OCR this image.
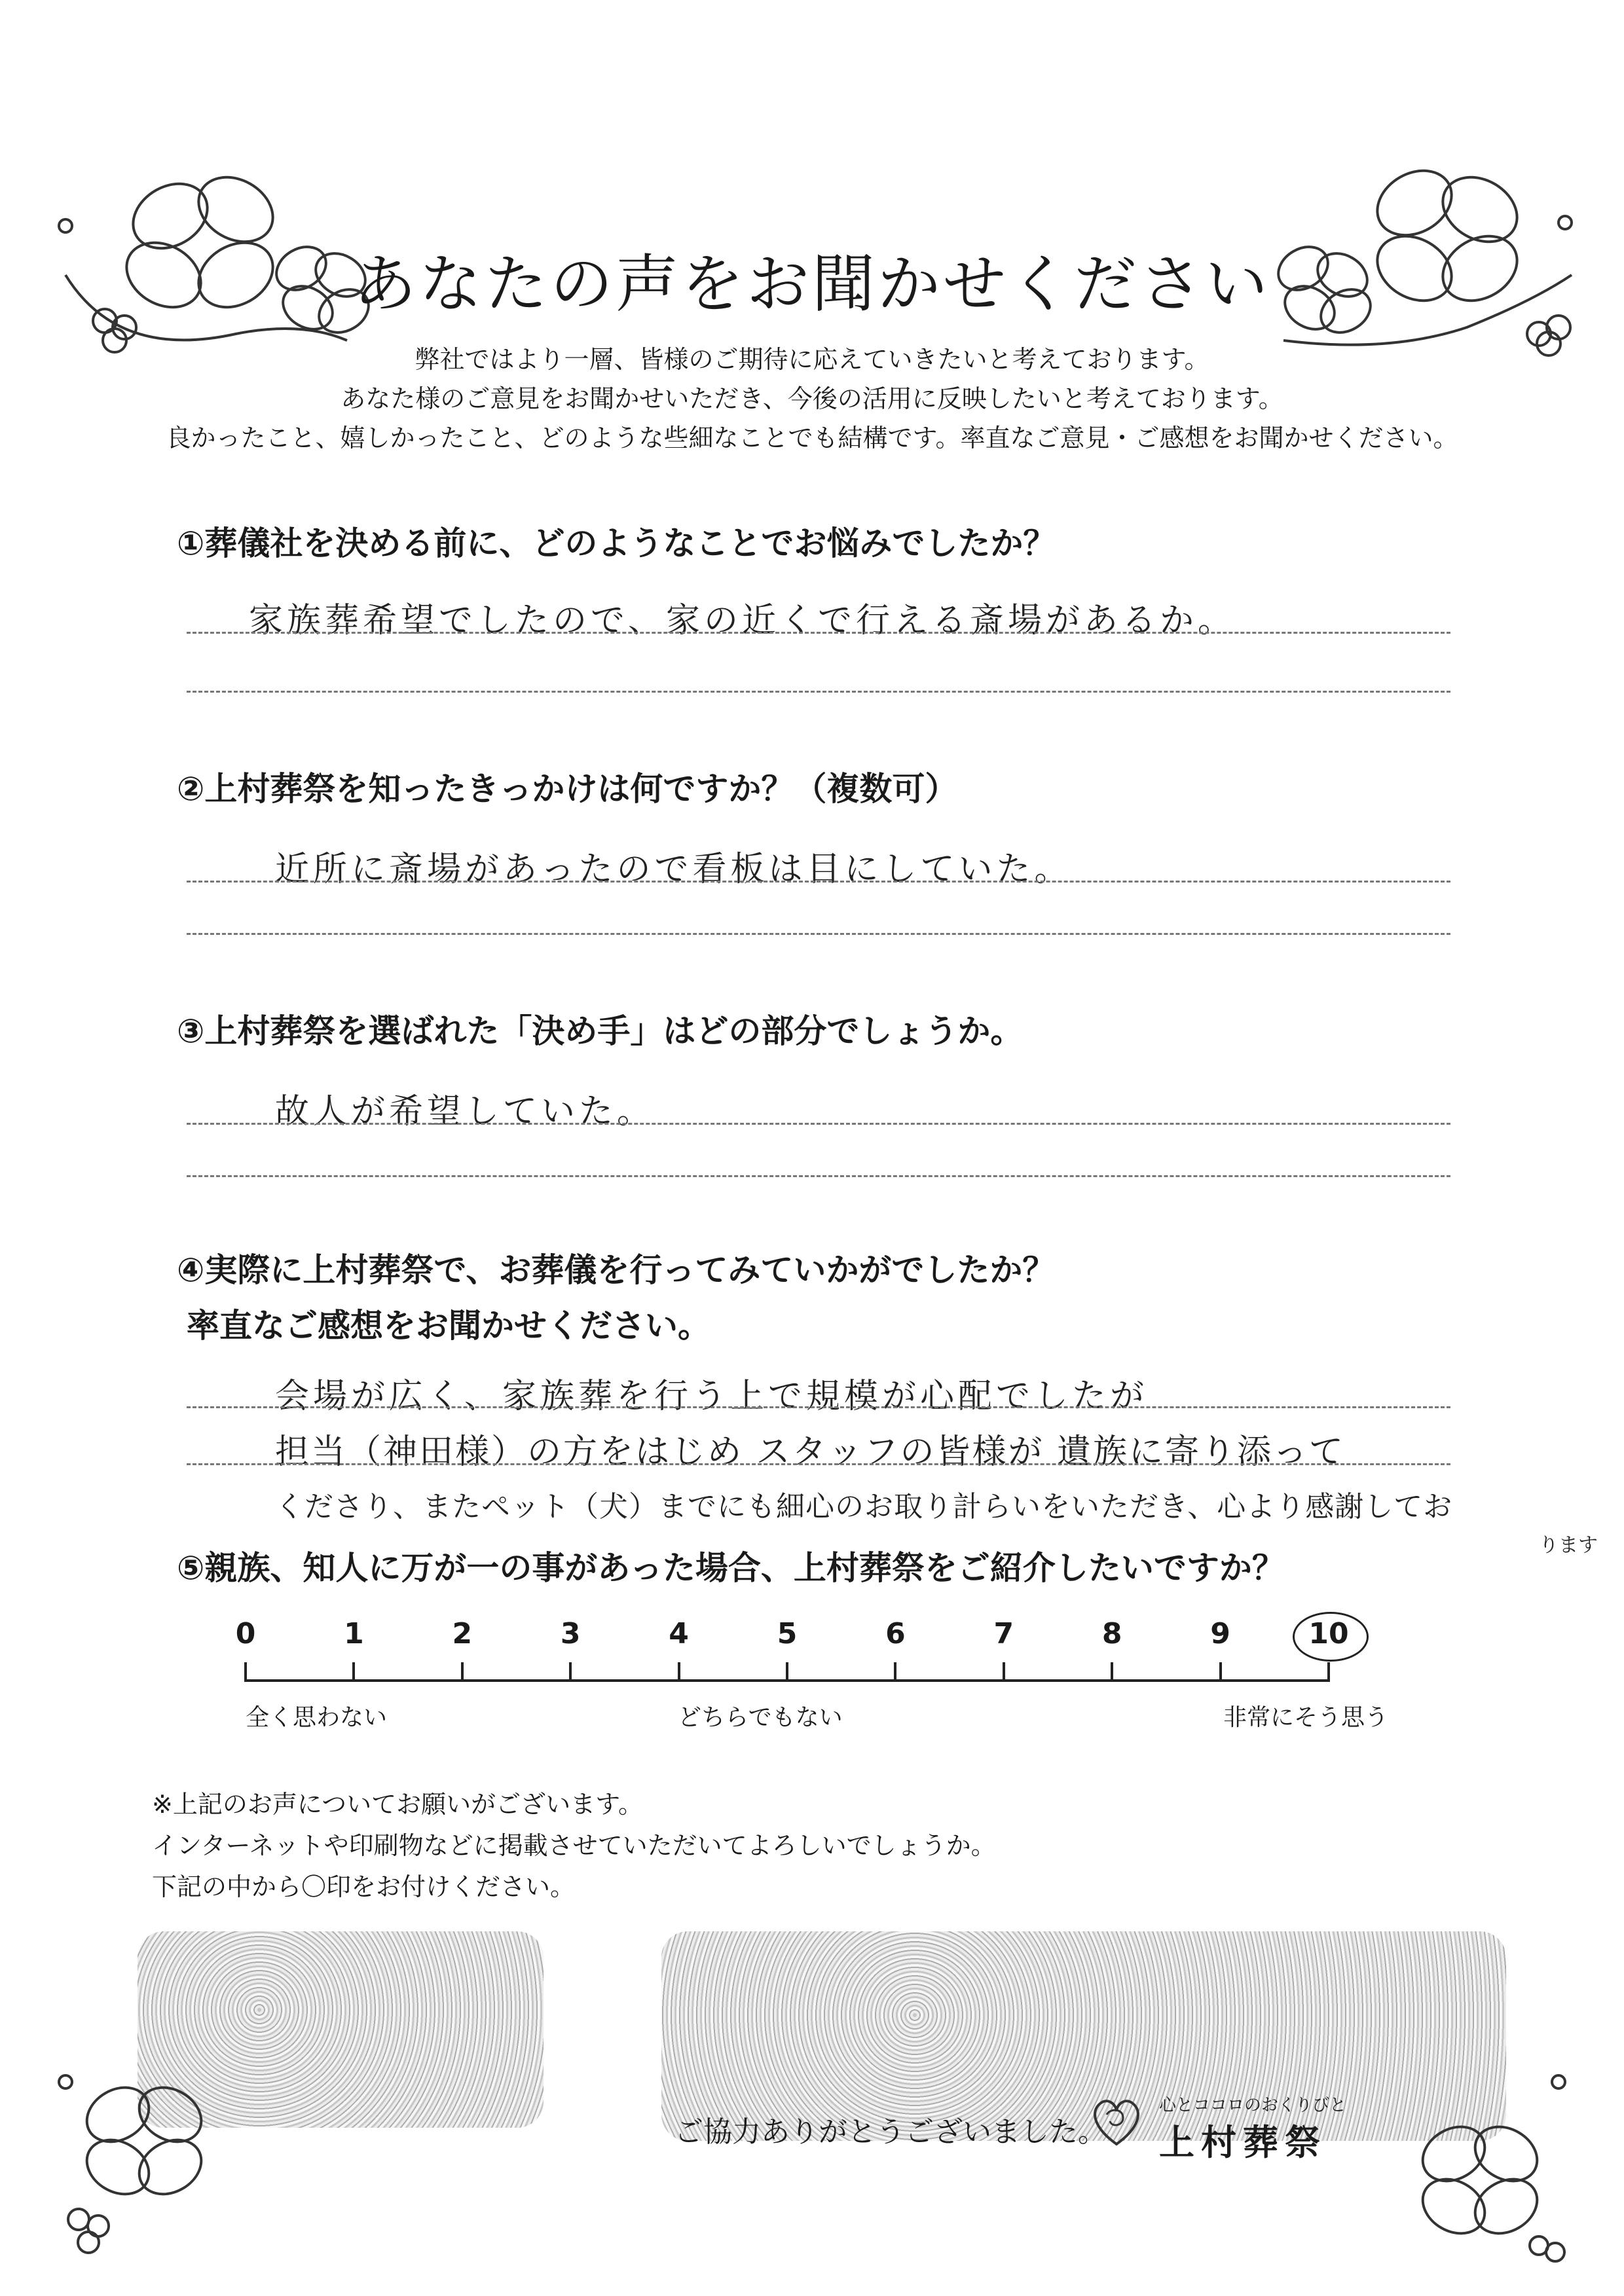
あなたの声をお聞かせください
弊社ではより一層、皆様のご期待に応えていきたいと考えております。
あなた様のご意見をお聞かせいただき、今後の活用に反映したいと考えております。
良かったこと、嬉しかったこと、どのような些細なことでも結構です。率直なご意見・ご感想をお聞かせください。
①葬儀社を決める前に、どのようなことでお悩みでしたか？
家族葬希望でしたので、家の近くで行える斎場があるか。
②上村葬祭を知ったきっかけは何ですか？（複数可）
近所に斎場があったので看板は目にしていた。
③上村葬祭を選ばれた「決め手」はどの部分でしょうか。
故人が希望していた。
④実際に上村葬祭で、お葬儀を行ってみていかがでしたか？
率直なご感想をお聞かせください。
会場が広く、家族葬を行う上で規模が心配でしたが
担当（神田様）の方をはじめ スタッフの皆様が 遺族に寄り添って
くださり、またペット（犬）までにも細心のお取り計らいをいただき、心より感謝してお
ります
⑤親族、知人に万が一の事があった場合、上村葬祭をご紹介したいですか？
0	1	2	3	4	5	6	7	8	9	10
全く思わない	どちらでもない	非常にそう思う
※上記のお声についてお願いがございます。
インターネットや印刷物などに掲載させていただいてよろしいでしょうか。
下記の中から〇印をお付けください。
ご協力ありがとうございました。
心とココロのおくりびと
上村葬祭
